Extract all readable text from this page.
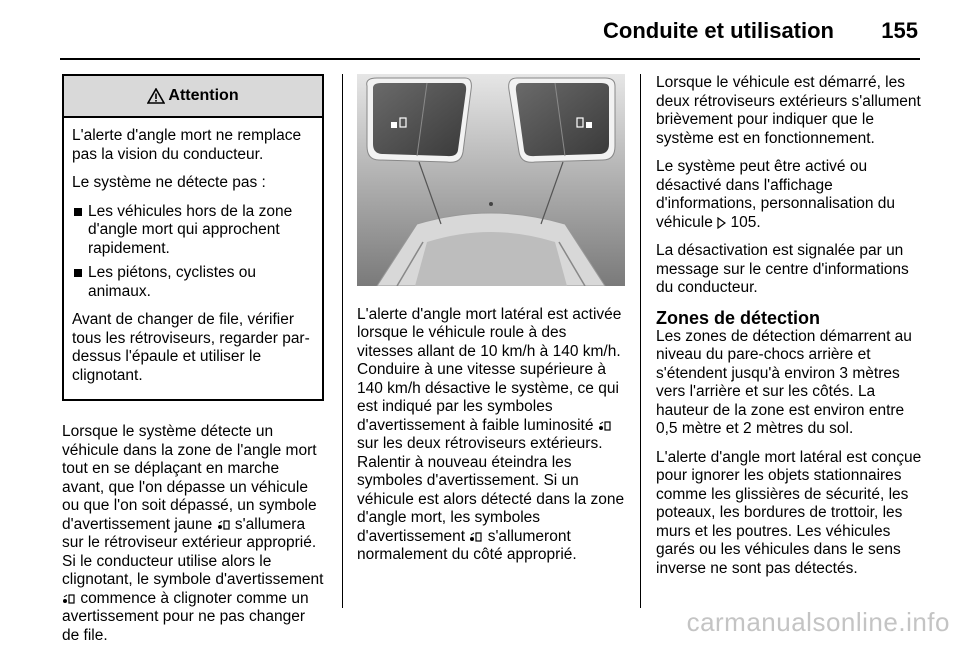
Conduite et utilisation 155
Attention

L'alerte d'angle mort ne remplace pas la vision du conducteur.

Le système ne détecte pas :

Les véhicules hors de la zone d'angle mort qui approchent rapidement.
Les piétons, cyclistes ou animaux.

Avant de changer de file, vérifier tous les rétroviseurs, regarder par-dessus l'épaule et utiliser le clignotant.

Lorsque le système détecte un véhicule dans la zone de l'angle mort tout en se déplaçant en marche avant, que l'on dépasse un véhicule ou que l'on soit dépassé, un symbole d'avertissement jaune s'allumera sur le rétroviseur extérieur approprié. Si le conducteur utilise alors le clignotant, le symbole d'avertissement  commence à clignoter comme un avertissement pour ne pas changer de file.

L'alerte d'angle mort latéral est activée lorsque le véhicule roule à des vitesses allant de 10 km/h à 140 km/h. Conduire à une vitesse supérieure à 140 km/h désactive le système, ce qui est indiqué par les symboles d'avertissement à faible luminosité  sur les deux rétroviseurs extérieurs. Ralentir à nouveau éteindra les symboles d'avertissement. Si un véhicule est alors détecté dans la zone d'angle mort, les symboles d'avertissement s'allumeront normalement du côté approprié.

Lorsque le véhicule est démarré, les deux rétroviseurs extérieurs s'allument brièvement pour indiquer que le système est en fonctionnement.

Le système peut être activé ou désactivé dans l'affichage d'informations, personnalisation du véhicule 105.

La désactivation est signalée par un message sur le centre d'informations du conducteur.

Zones de détection

Les zones de détection démarrent au niveau du pare-chocs arrière et s'étendent jusqu'à environ 3 mètres vers l'arrière et sur les côtés. La hauteur de la zone est environ entre 0,5 mètre et 2 mètres du sol.

L'alerte d'angle mort latéral est conçue pour ignorer les objets stationnaires comme les glissières de sécurité, les poteaux, les bordures de trottoir, les murs et les poutres. Les véhicules garés ou les véhicules dans le sens inverse ne sont pas détectés.

carmanualsonline.info
